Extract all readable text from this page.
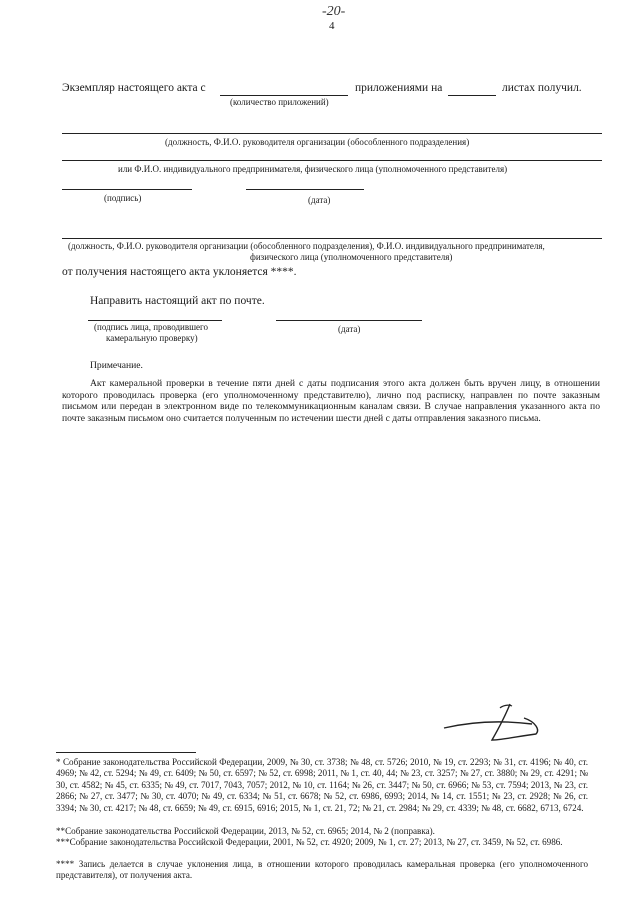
-20-
4
Экземпляр настоящего акта с	приложениями на	листах получил.
(количество приложений)
(должность, Ф.И.О. руководителя организации (обособленного подразделения)
или Ф.И.О. индивидуального предпринимателя, физического лица (уполномоченного представителя)
(подпись)	(дата)
(должность, Ф.И.О. руководителя организации (обособленного подразделения), Ф.И.О. индивидуального предпринимателя,
физического лица (уполномоченного представителя)
от получения настоящего акта уклоняется ****.
Направить настоящий акт по почте.
(подпись лица, проводившего
камеральную проверку)
(дата)
Примечание.
Акт камеральной проверки в течение пяти дней с даты подписания этого акта должен быть вручен лицу, в отношении которого проводилась проверка (его уполномоченному представителю), лично под расписку, направлен по почте заказным письмом или передан в электронном виде по телекоммуникационным каналам связи. В случае направления указанного акта по почте заказным письмом оно считается полученным по истечении шести дней с даты отправления заказного письма.
* Собрание законодательства Российской Федерации, 2009, № 30, ст. 3738; № 48, ст. 5726; 2010, № 19, ст. 2293; № 31, ст. 4196; № 40, ст. 4969; № 42, ст. 5294; № 49, ст. 6409; № 50, ст. 6597; № 52, ст. 6998; 2011, № 1, ст. 40, 44; № 23, ст. 3257; № 27, ст. 3880; № 29, ст. 4291; № 30, ст. 4582; № 45, ст. 6335; № 49, ст. 7017, 7043, 7057; 2012, № 10, ст. 1164; № 26, ст. 3447; № 50, ст. 6966; № 53, ст. 7594; 2013, № 23, ст. 2866; № 27, ст. 3477; № 30, ст. 4070; № 49, ст. 6334; № 51, ст. 6678; № 52, ст. 6986, 6993; 2014, № 14, ст. 1551; № 23, ст. 2928; № 26, ст. 3394; № 30, ст. 4217; № 48, ст. 6659; № 49, ст. 6915, 6916; 2015, № 1, ст. 21, 72; № 21, ст. 2984; № 29, ст. 4339; № 48, ст. 6682, 6713, 6724.
**Собрание законодательства Российской Федерации, 2013, № 52, ст. 6965; 2014, № 2 (поправка).
***Собрание законодательства Российской Федерации, 2001, № 52, ст. 4920; 2009, № 1, ст. 27; 2013, № 27, ст. 3459, № 52, ст. 6986.
**** Запись делается в случае уклонения лица, в отношении которого проводилась камеральная проверка (его уполномоченного представителя), от получения акта.
